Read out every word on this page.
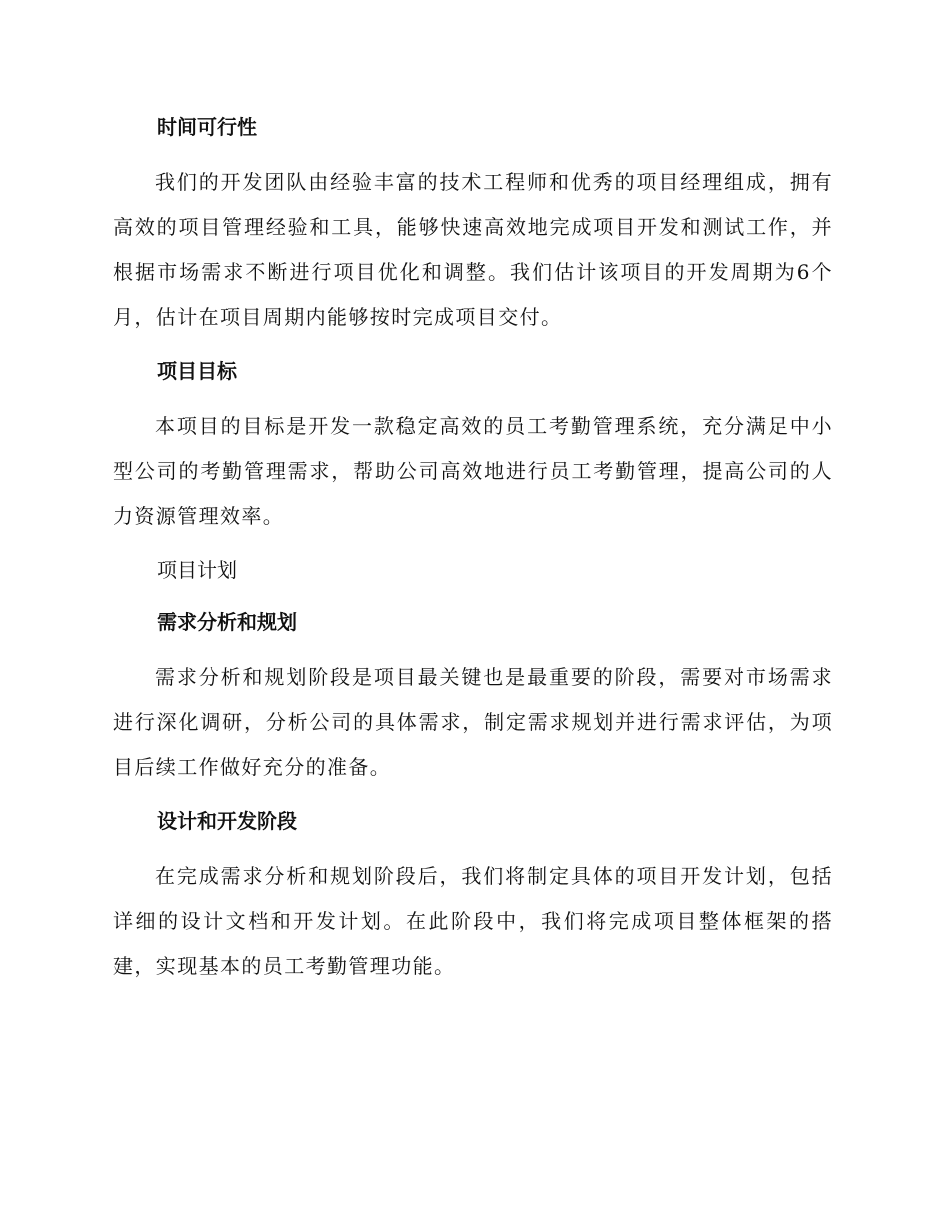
时间可行性

我们的开发团队由经验丰富的技术工程师和优秀的项目经理组成，拥有高效的项目管理经验和工具，能够快速高效地完成项目开发和测试工作，并根据市场需求不断进行项目优化和调整。我们估计该项目的开发周期为6个月，估计在项目周期内能够按时完成项目交付。

项目目标

本项目的目标是开发一款稳定高效的员工考勤管理系统，充分满足中小型公司的考勤管理需求，帮助公司高效地进行员工考勤管理，提高公司的人力资源管理效率。

项目计划
需求分析和规划

需求分析和规划阶段是项目最关键也是最重要的阶段，需要对市场需求进行深化调研，分析公司的具体需求，制定需求规划并进行需求评估，为项目后续工作做好充分的准备。

设计和开发阶段

在完成需求分析和规划阶段后，我们将制定具体的项目开发计划，包括详细的设计文档和开发计划。在此阶段中，我们将完成项目整体框架的搭建，实现基本的员工考勤管理功能。
